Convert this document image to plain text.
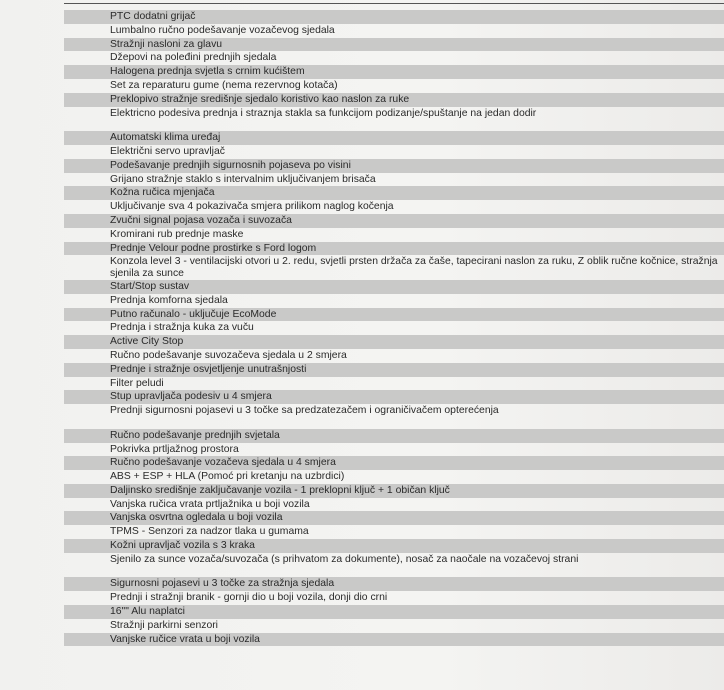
PTC dodatni grijač
Lumbalno ručno podešavanje vozačevog sjedala
Stražnji nasloni za glavu
Džepovi na poleđini prednjih sjedala
Halogena prednja svjetla s crnim kućištem
Set za reparaturu gume (nema rezervnog kotača)
Preklopivo stražnje središnje sjedalo koristivo kao naslon za ruke
Elektricno podesiva prednja i straznja stakla sa funkcijom podizanje/spuštanje na jedan dodir
Automatski klima uređaj
Električni servo upravljač
Podešavanje prednjih sigurnosnih pojaseva po visini
Grijano stražnje staklo s intervalnim uključivanjem brisača
Kožna ručica mjenjača
Uključivanje sva 4 pokazivača smjera prilikom naglog kočenja
Zvučni signal pojasa vozača i suvozača
Kromirani rub prednje maske
Prednje Velour podne prostirke s Ford logom
Konzola level 3 - ventilacijski otvori u 2. redu, svjetli prsten držača za čaše, tapecirani naslon za ruku, Z oblik ručne kočnice, stražnja sjenila za sunce
Start/Stop sustav
Prednja komforna sjedala
Putno računalo - uključuje EcoMode
Prednja i stražnja kuka za vuču
Active City Stop
Ručno podešavanje suvozačeva sjedala u 2 smjera
Prednje i stražnje osvjetljenje unutrašnjosti
Filter peludi
Stup upravljača podesiv u 4 smjera
Prednji sigurnosni pojasevi u 3 točke sa predzatezačem i ograničivačem opterećenja
Ručno podešavanje prednjih svjetala
Pokrivka prtljažnog prostora
Ručno podešavanje vozačeva sjedala u 4 smjera
ABS + ESP + HLA (Pomoć pri kretanju na uzbrdici)
Daljinsko središnje zaključavanje vozila - 1 preklopni ključ + 1 običan ključ
Vanjska ručica vrata prtljažnika u boji vozila
Vanjska osvrtna ogledala u boji vozila
TPMS - Senzori za nadzor tlaka u gumama
Kožni upravljač vozila s 3 kraka
Sjenilo za sunce vozača/suvozača (s prihvatom za dokumente), nosač za naočale na vozačevoj strani
Sigurnosni pojasevi u 3 točke za stražnja sjedala
Prednji i stražnji branik - gornji dio u boji vozila, donji dio crni
16"" Alu naplatci
Stražnji parkirni senzori
Vanjske ručice vrata u boji vozila
